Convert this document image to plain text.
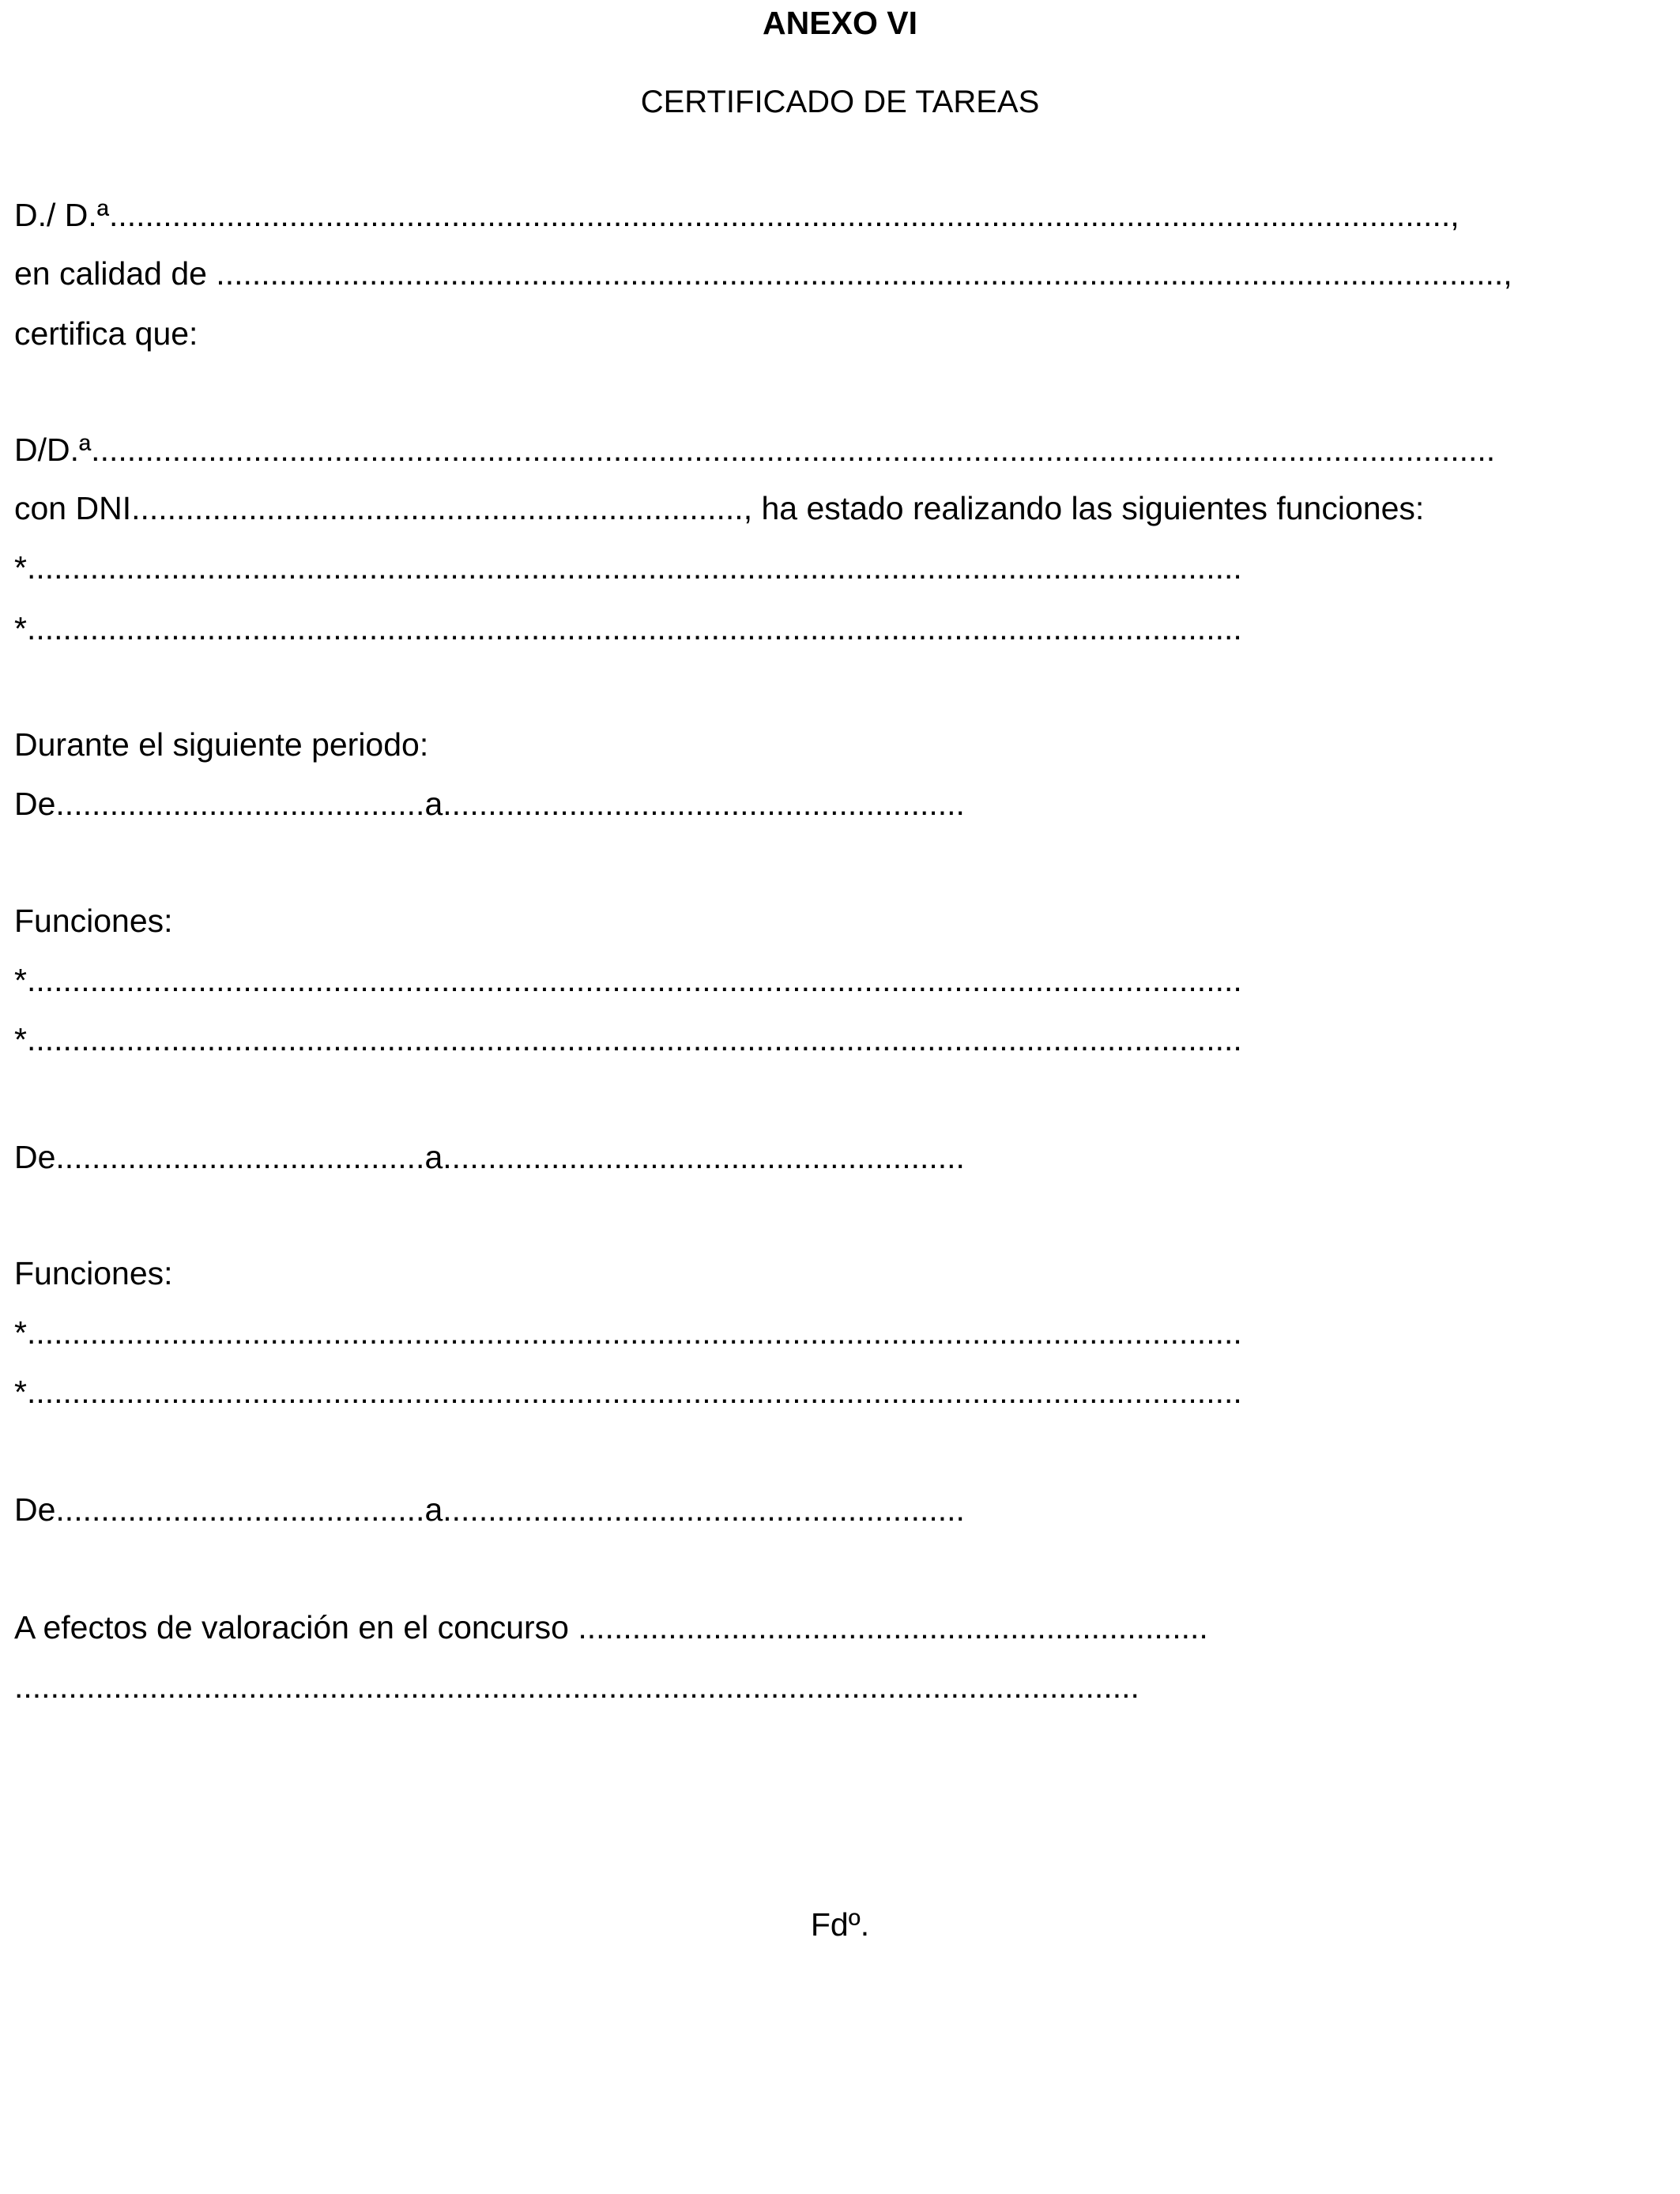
ANEXO VI
CERTIFICADO DE TAREAS
D./ D.ª.....................................................................................................................................................,
en calidad de ...............................................................................................................................................,
certifica que:
D/D.ª............................................................................................................................................................
con DNI...................................................................., ha estado realizando las siguientes funciones:
*.......................................................................................................................................
*.......................................................................................................................................
Durante el siguiente periodo:
De.........................................a..........................................................
Funciones:
*.......................................................................................................................................
*.......................................................................................................................................
De.........................................a..........................................................
Funciones:
*.......................................................................................................................................
*.......................................................................................................................................
De.........................................a..........................................................
A efectos de valoración en el concurso ......................................................................
.............................................................................................................................
Fdº.
